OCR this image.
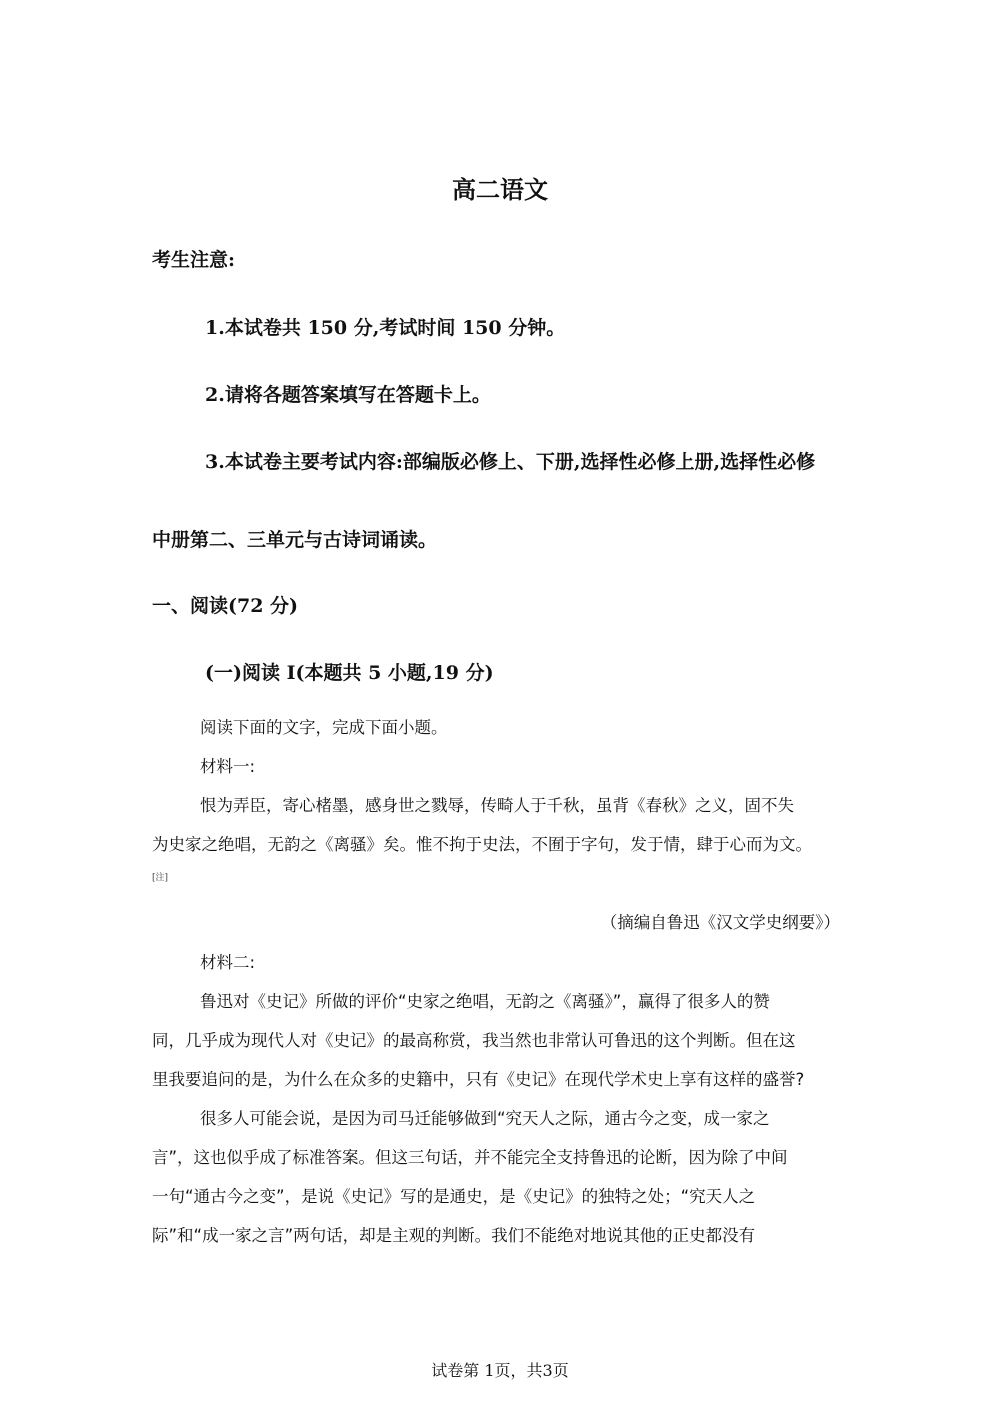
高二语文
考生注意:
1.本试卷共 150 分,考试时间 150 分钟。
2.请将各题答案填写在答题卡上。
3.本试卷主要考试内容:部编版必修上、下册,选择性必修上册,选择性必修
中册第二、三单元与古诗词诵读。
一、阅读(72 分)
(一)阅读 I(本题共 5 小题,19 分)
阅读下面的文字，完成下面小题。
材料一:
恨为弄臣，寄心楮墨，感身世之戮辱，传畸人于千秋，虽背《春秋》之义，固不失
为史家之绝唱，无韵之《离骚》矣。惟不拘于史法，不囿于字句，发于情，肆于心而为文。
[注]
（摘编自鲁迅《汉文学史纲要》）
材料二:
鲁迅对《史记》所做的评价“史家之绝唱，无韵之《离骚》”，赢得了很多人的赞
同，几乎成为现代人对《史记》的最高称赏，我当然也非常认可鲁迅的这个判断。但在这
里我要追问的是，为什么在众多的史籍中，只有《史记》在现代学术史上享有这样的盛誉?
很多人可能会说，是因为司马迁能够做到“究天人之际，通古今之变，成一家之
言”，这也似乎成了标准答案。但这三句话，并不能完全支持鲁迅的论断，因为除了中间
一句“通古今之变”，是说《史记》写的是通史，是《史记》的独特之处；“究天人之
际”和“成一家之言”两句话，却是主观的判断。我们不能绝对地说其他的正史都没有
试卷第 1页，共3页
